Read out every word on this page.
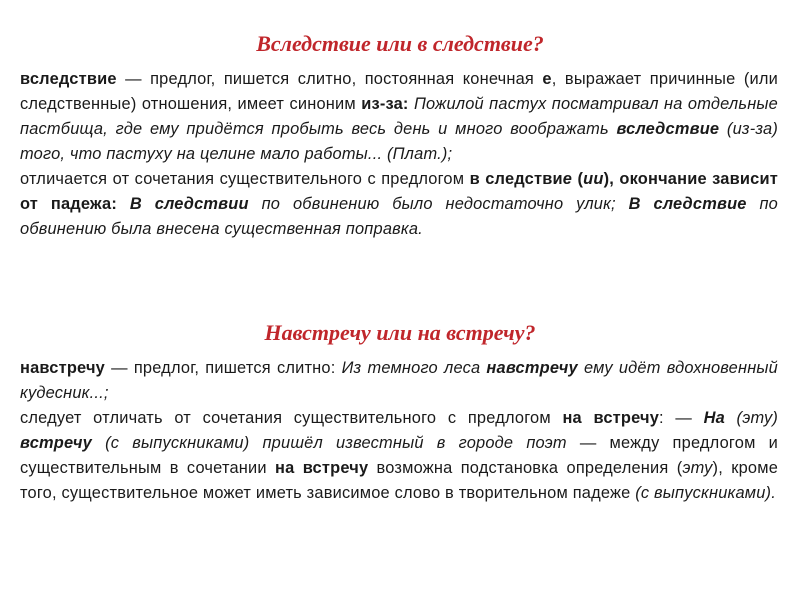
Вследствие или в следствие?

вследствие — предлог, пишется слитно, постоянная конечная е, выражает причинные (или следственные) отношения, имеет синоним из-за: Пожилой пастух посматривал на отдельные пастбища, где ему придётся пробыть весь день и много воображать вследствие (из-за) того, что пастуху на целине мало работы... (Плат.);

отличается от сочетания существительного с предлогом в следствие (ии), окончание зависит от падежа: В следствии по обвинению было недостаточно улик; В следствие по обвинению была внесена существенная поправка.

Навстречу или на встречу?

навстречу — предлог, пишется слитно: Из темного леса навстречу ему идёт вдохновенный кудесник...;

следует отличать от сочетания существительного с предлогом на встречу: — На (эту) встречу (с выпускниками) пришёл известный в городе поэт — между предлогом и существительным в сочетании на встречу возможна подстановка определения (эту), кроме того, существительное может иметь зависимое слово в творительном падеже (с выпускниками).
